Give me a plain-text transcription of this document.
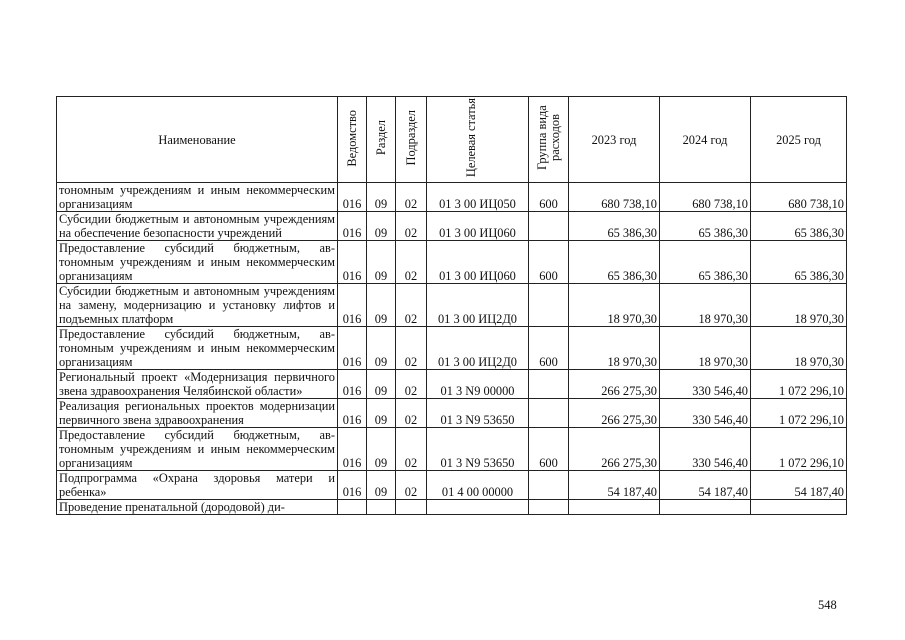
Наименование	Ведомство	Раздел	Подраздел	Целевая статья	Группа вида расходов	2023 год	2024 год	2025 год
тономным учреждениям и иным некоммерческим организациям	016	09	02	01 3 00 ИЦ050	600	680 738,10	680 738,10	680 738,10
Субсидии бюджетным и автономным учреждениям на обеспечение безопасности учреждений	016	09	02	01 3 00 ИЦ060		65 386,30	65 386,30	65 386,30
Предоставление субсидий бюджетным, автономным учреждениям и иным некоммерческим организациям	016	09	02	01 3 00 ИЦ060	600	65 386,30	65 386,30	65 386,30
Субсидии бюджетным и автономным учреждениям на замену, модернизацию и установку лифтов и подъемных платформ	016	09	02	01 3 00 ИЦ2Д0		18 970,30	18 970,30	18 970,30
Предоставление субсидий бюджетным, автономным учреждениям и иным некоммерческим организациям	016	09	02	01 3 00 ИЦ2Д0	600	18 970,30	18 970,30	18 970,30
Региональный проект «Модернизация первичного звена здравоохранения Челябинской области»	016	09	02	01 3 N9 00000		266 275,30	330 546,40	1 072 296,10
Реализация региональных проектов модернизации первичного звена здравоохранения	016	09	02	01 3 N9 53650		266 275,30	330 546,40	1 072 296,10
Предоставление субсидий бюджетным, автономным учреждениям и иным некоммерческим организациям	016	09	02	01 3 N9 53650	600	266 275,30	330 546,40	1 072 296,10
Подпрограмма «Охрана здоровья матери и ребенка»	016	09	02	01 4 00 00000		54 187,40	54 187,40	54 187,40
Проведение пренатальной (дородовой) ди-								
548
